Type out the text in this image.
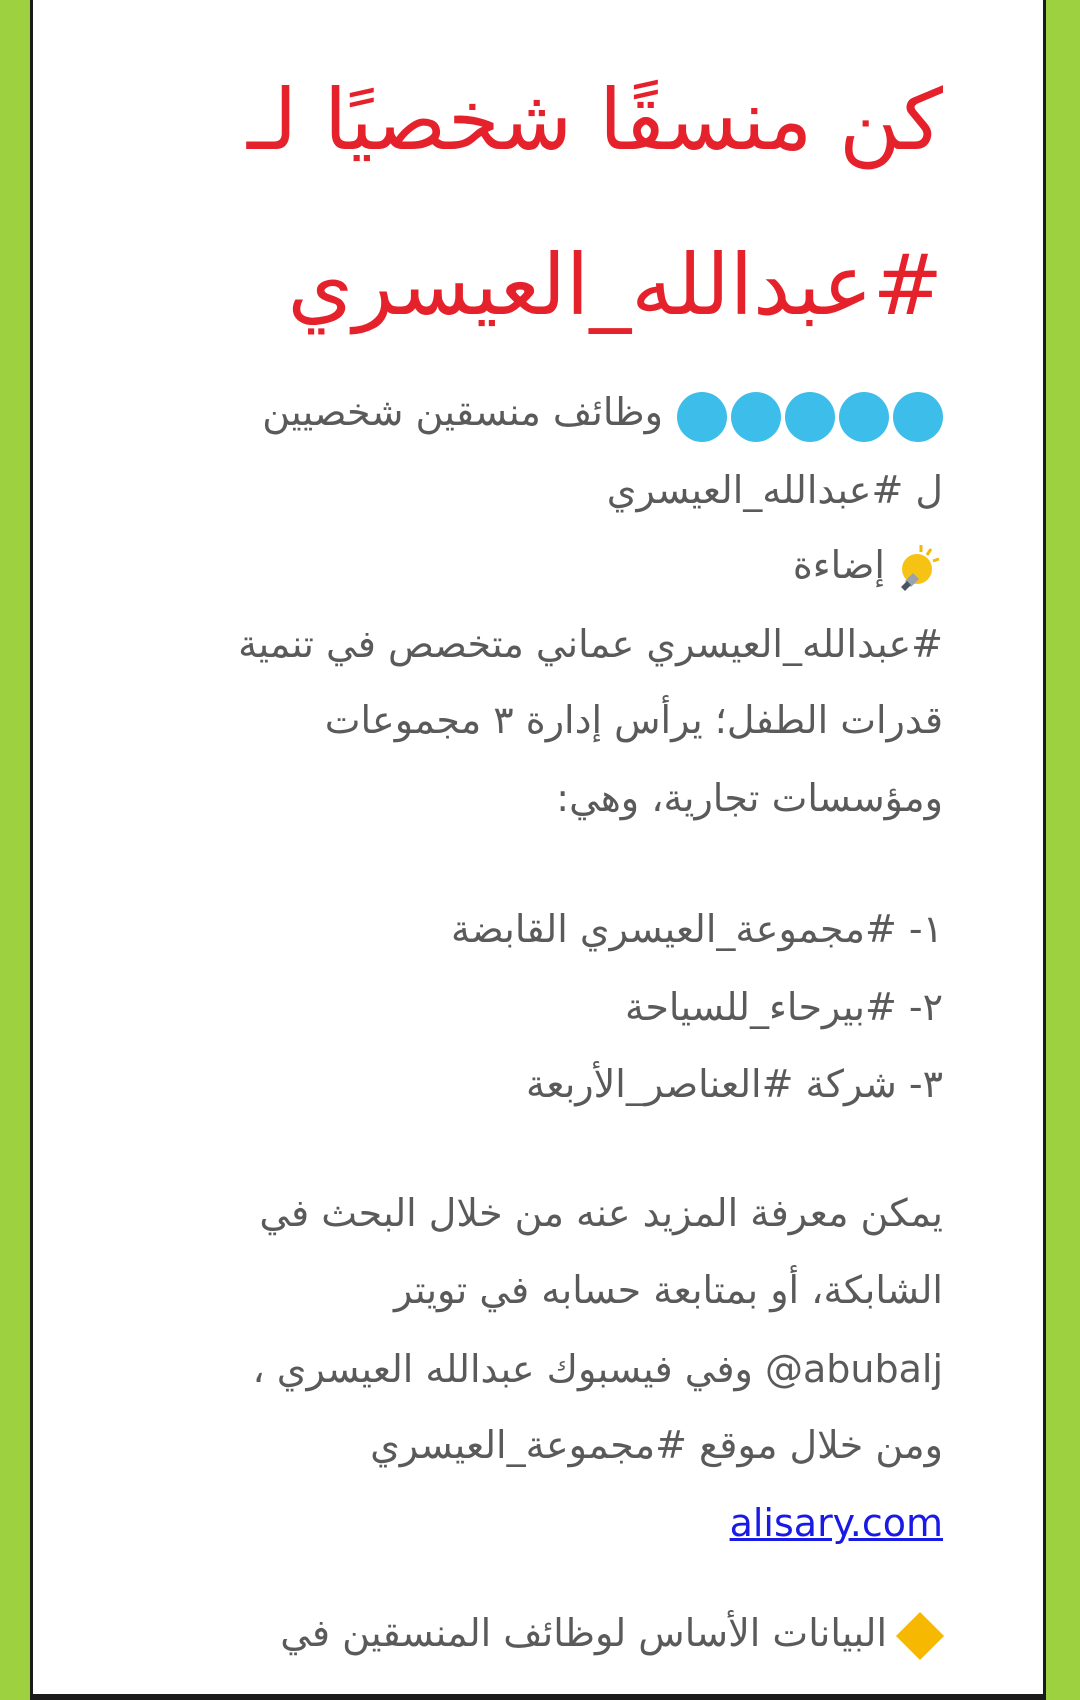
كن منسقًا شخصيًا لـ
#عبدالله_العيسري
وظائف منسقين شخصيين
ل #عبدالله_العيسري
إضاءة
#عبدالله_العيسري عماني متخصص في تنمية
قدرات الطفل؛ يرأس إدارة ٣ مجموعات
ومؤسسات تجارية، وهي:
١- #مجموعة_العيسري القابضة
٢- #بيرحاء_للسياحة
٣- شركة #العناصر_الأربعة
يمكن معرفة المزيد عنه من خلال البحث في
الشابكة، أو بمتابعة حسابه في تويتر
abubalj@ وفي فيسبوك عبدالله العيسري ،
ومن خلال موقع #مجموعة_العيسري
alisary.com
البيانات الأساس لوظائف المنسقين في
